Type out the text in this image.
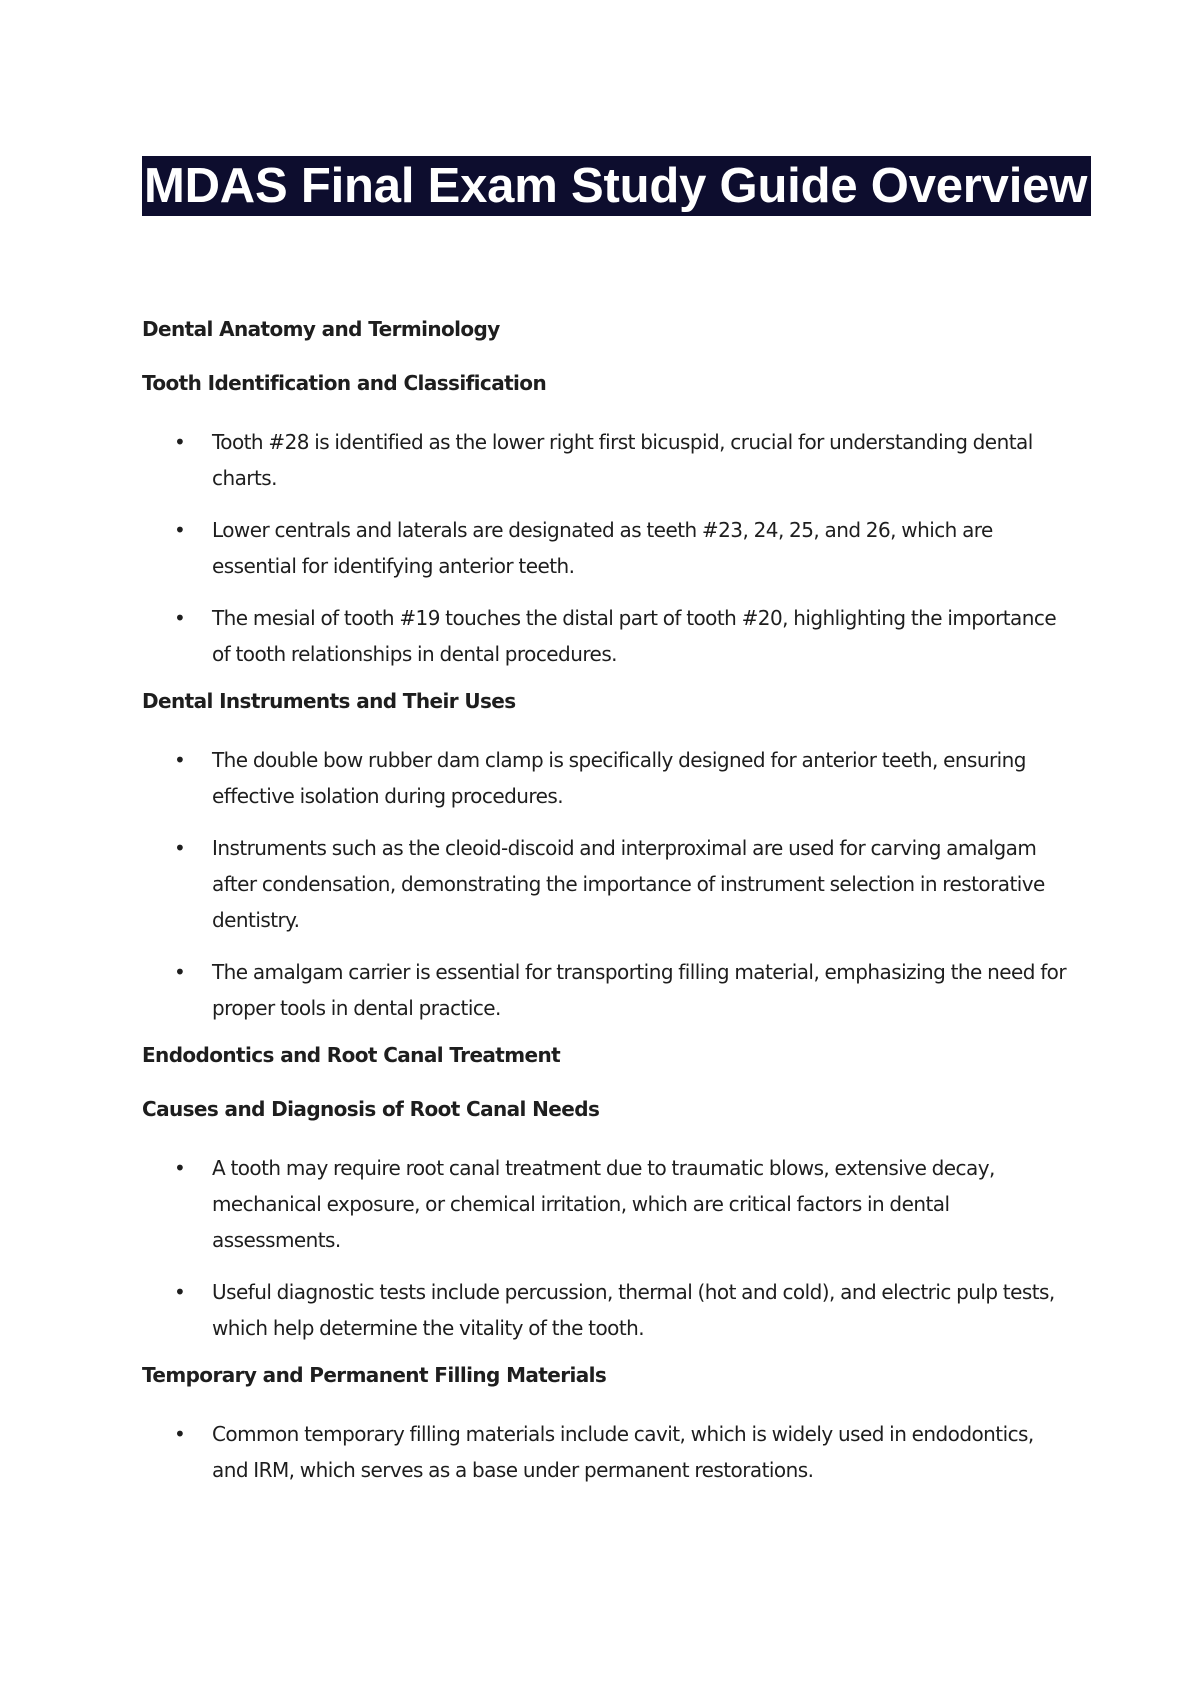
MDAS Final Exam Study Guide Overview
Dental Anatomy and Terminology
Tooth Identification and Classification
• Tooth #28 is identified as the lower right first bicuspid, crucial for understanding dental charts.
• Lower centrals and laterals are designated as teeth #23, 24, 25, and 26, which are essential for identifying anterior teeth.
• The mesial of tooth #19 touches the distal part of tooth #20, highlighting the importance of tooth relationships in dental procedures.
Dental Instruments and Their Uses
• The double bow rubber dam clamp is specifically designed for anterior teeth, ensuring effective isolation during procedures.
• Instruments such as the cleoid-discoid and interproximal are used for carving amalgam after condensation, demonstrating the importance of instrument selection in restorative dentistry.
• The amalgam carrier is essential for transporting filling material, emphasizing the need for proper tools in dental practice.
Endodontics and Root Canal Treatment
Causes and Diagnosis of Root Canal Needs
• A tooth may require root canal treatment due to traumatic blows, extensive decay, mechanical exposure, or chemical irritation, which are critical factors in dental assessments.
• Useful diagnostic tests include percussion, thermal (hot and cold), and electric pulp tests, which help determine the vitality of the tooth.
Temporary and Permanent Filling Materials
• Common temporary filling materials include cavit, which is widely used in endodontics, and IRM, which serves as a base under permanent restorations.
